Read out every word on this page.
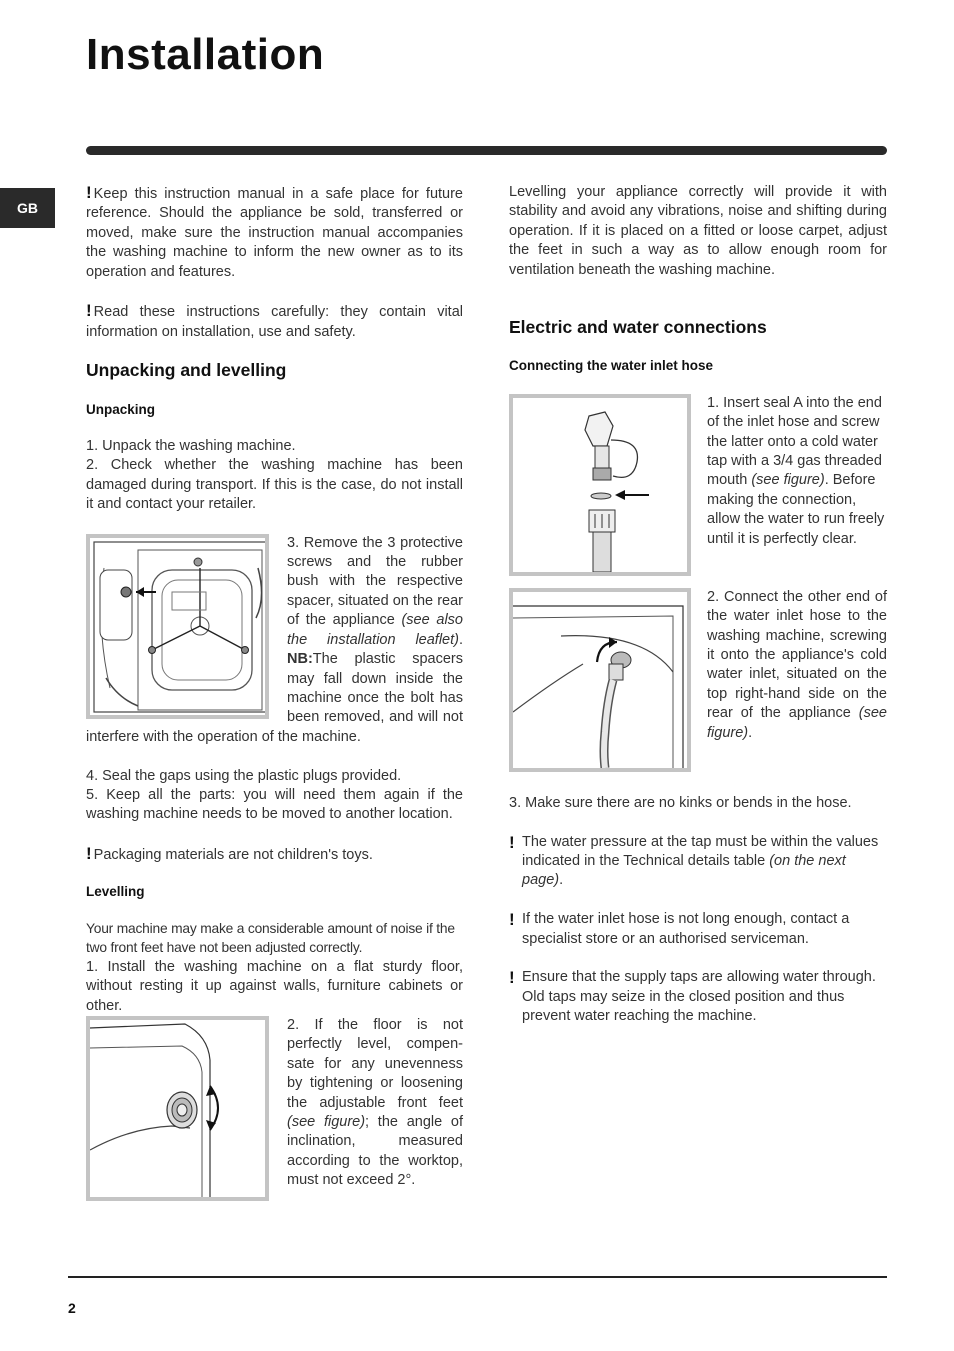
Installation
GB

! Keep this instruction manual in a safe place for future reference. Should the appliance be sold, transferred or moved, make sure the instruction manual accompanies the washing machine to inform the new owner as to its operation and features.

! Read these instructions carefully: they contain vital information on installation, use and safety.

Unpacking and levelling
Unpacking

1. Unpack the washing machine.

2. Check whether the washing machine has been damaged during transport. If this is the case, do not install it and contact your retailer.

3. Remove the 3 protective screws and the rubber bush with the respective spacer, situated on the rear of the appliance (see also the installation leaflet). NB:The plastic spacers may fall down inside the machine once the bolt has been removed, and will not interfere with the operation of the machine.

4. Seal the gaps using the plastic plugs provided.

5. Keep all the parts: you will need them again if the washing machine needs to be moved to another location.

! Packaging materials are not children's toys.

Levelling

Your machine may make a considerable amount of noise if the two front feet have not been adjusted correctly.

1. Install the washing machine on a flat sturdy floor, without resting it up against walls, furniture cabinets or other.

2. If the floor is not perfectly level, compen-sate for any unevenness by tightening or loosening the adjustable front feet (see figure); the angle of inclination, measured according to the worktop, must not exceed 2°.

Levelling your appliance correctly will provide it with stability and avoid any vibrations, noise and shifting during operation. If it is placed on a fitted or loose carpet, adjust the feet in such a way as to allow enough room for ventilation beneath the washing machine.

Electric and water connections
Connecting the water inlet hose

1. Insert seal A into the end of the inlet hose and screw the latter onto a cold water tap with a 3/4 gas threaded mouth (see figure). Before making the connection, allow the water to run freely until it is perfectly clear.

2. Connect the other end of the water inlet hose to the washing machine, screwing it onto the appliance's cold water inlet, situated on the top right-hand side on the rear of the appliance (see figure).

3. Make sure there are no kinks or bends in the hose.

! The water pressure at the tap must be within the values indicated in the Technical details table (on the next page).
! If the water inlet hose is not long enough, contact a specialist store or an authorised serviceman.
! Ensure that the supply taps are allowing water through. Old taps may seize in the closed position and thus prevent water reaching the machine.
2
